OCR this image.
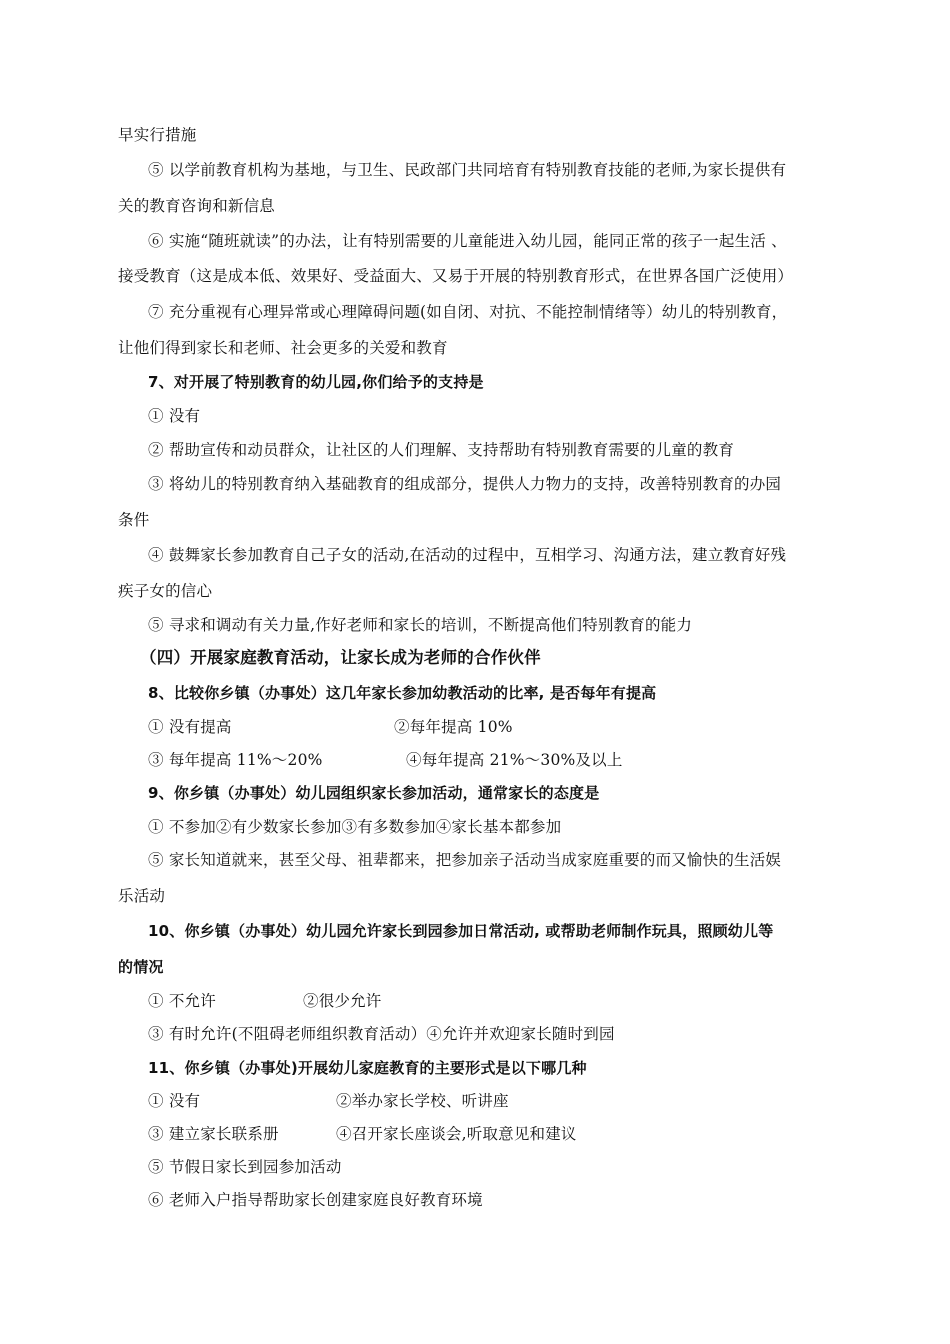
早实行措施
⑤ 以学前教育机构为基地，与卫生、民政部门共同培育有特别教育技能的老师,为家长提供有
关的教育咨询和新信息
⑥ 实施“随班就读”的办法，让有特别需要的儿童能进入幼儿园，能同正常的孩子一起生活 、
接受教育（这是成本低、效果好、受益面大、又易于开展的特别教育形式，在世界各国广泛使用）
⑦ 充分重视有心理异常或心理障碍问题(如自闭、对抗、不能控制情绪等）幼儿的特别教育，
让他们得到家长和老师、社会更多的关爱和教育
7、对开展了特别教育的幼儿园,你们给予的支持是
① 没有
② 帮助宣传和动员群众，让社区的人们理解、支持帮助有特别教育需要的儿童的教育
③ 将幼儿的特别教育纳入基础教育的组成部分，提供人力物力的支持，改善特别教育的办园
条件
④ 鼓舞家长参加教育自己子女的活动,在活动的过程中，互相学习、沟通方法，建立教育好残
疾子女的信心
⑤ 寻求和调动有关力量,作好老师和家长的培训，不断提高他们特别教育的能力
（四）开展家庭教育活动，让家长成为老师的合作伙伴
8、比较你乡镇（办事处）这几年家长参加幼教活动的比率, 是否每年有提高
① 没有提高	②每年提高 10%
③ 每年提高 11%～20%	④每年提高 21%～30%及以上
9、你乡镇（办事处）幼儿园组织家长参加活动，通常家长的态度是
① 不参加②有少数家长参加③有多数参加④家长基本都参加
⑤ 家长知道就来，甚至父母、祖辈都来，把参加亲子活动当成家庭重要的而又愉快的生活娱
乐活动
10、你乡镇（办事处）幼儿园允许家长到园参加日常活动, 或帮助老师制作玩具，照顾幼儿等
的情况
① 不允许	②很少允许
③ 有时允许(不阻碍老师组织教育活动）④允许并欢迎家长随时到园
11、你乡镇（办事处)开展幼儿家庭教育的主要形式是以下哪几种
① 没有	②举办家长学校、听讲座
③ 建立家长联系册	④召开家长座谈会,听取意见和建议
⑤ 节假日家长到园参加活动
⑥ 老师入户指导帮助家长创建家庭良好教育环境
